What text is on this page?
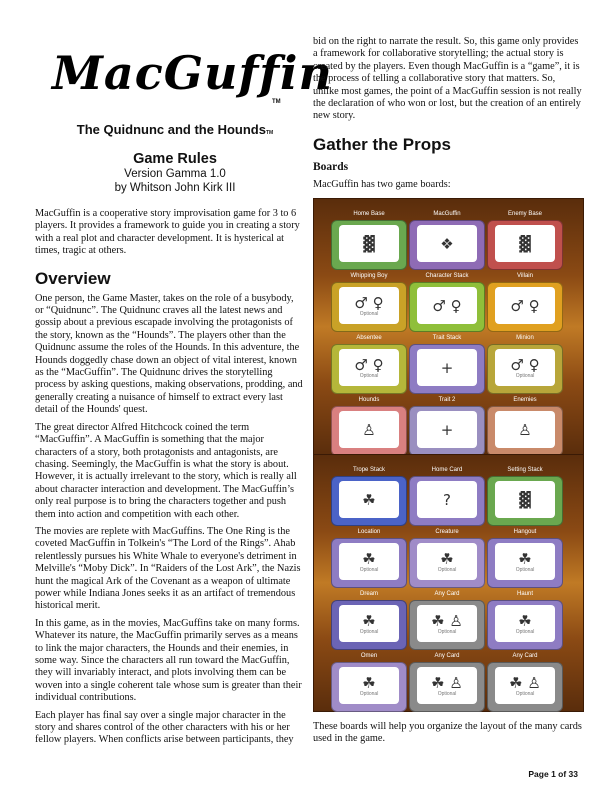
MacGuffin
TM
The Quidnunc and the HoundsTM
Game Rules
Version Gamma 1.0
by Whitson John Kirk III

MacGuffin is a cooperative story improvisation game for 3 to 6 players. It provides a framework to guide you in creating a story with a real plot and character development. It is hysterical at times, tragic at others.

Overview

One person, the Game Master, takes on the role of a busybody, or “Quidnunc”. The Quidnunc craves all the latest news and gossip about a previous escapade involving the protagonists of the story, known as the “Hounds”. The players other than the Quidnunc assume the roles of the Hounds. In this adventure, the Hounds doggedly chase down an object of vital interest, known as the “MacGuffin”. The Quidnunc drives the storytelling process by asking questions, making observations, prodding, and generally creating a nuisance of himself to extract every last detail of the Hounds' quest.

The great director Alfred Hitchcock coined the term “MacGuffin”. A MacGuffin is something that the major characters of a story, both protagonists and antagonists, are chasing. Seemingly, the MacGuffin is what the story is about. However, it is actually irrelevant to the story, which is really all about character interaction and development. The MacGuffin’s only real purpose is to bring the characters together and push them into action and competition with each other.

The movies are replete with MacGuffins. The One Ring is the coveted MacGuffin in Tolkein's “The Lord of the Rings”. Ahab relentlessly pursues his White Whale to everyone's detriment in Melville's “Moby Dick”. In “Raiders of the Lost Ark”, the Nazis hunt the magical Ark of the Covenant as a weapon of ultimate power while Indiana Jones seeks it as an artifact of tremendous historical merit.

In this game, as in the movies, MacGuffins take on many forms. Whatever its nature, the MacGuffin primarily serves as a means to link the major characters, the Hounds and their enemies, in some way. Since the characters all run toward the MacGuffin, they will invariably interact, and plots involving them can be woven into a single coherent tale whose sum is greater than their individual contributions.

Each player has final say over a single major character in the story and shares control of the other characters with his or her fellow players. When conflicts arise between participants, they

bid on the right to narrate the result. So, this game only provides a framework for collaborative storytelling; the actual story is created by the players. Even though MacGuffin is a “game”, it is the process of telling a collaborative story that matters. So, unlike most games, the point of a MacGuffin session is not really the declaration of who won or lost, but the creation of an entirely new story.

Gather the Props
Boards

MacGuffin has two game boards:

Home Base
▓
MacGuffin
❖
Enemy Base
▓
Whipping Boy
♂ ♀
Optional
Character Stack
♂ ♀
Villain
♂ ♀
Absentee
♂ ♀
Optional
Trait Stack
+
Minion
♂ ♀
Optional
Hounds
♙
Trait 2
+
Enemies
♙
Trope Stack
☘
Home Card
?
Setting Stack
▓
Location
☘
Optional
Creature
☘
Optional
Hangout
☘
Optional
Dream
☘
Optional
Any Card
☘ ♙
Optional
Haunt
☘
Optional
Omen
☘
Optional
Any Card
☘ ♙
Optional
Any Card
☘ ♙
Optional

These boards will help you organize the layout of the many cards used in the game.

Page 1 of 33
